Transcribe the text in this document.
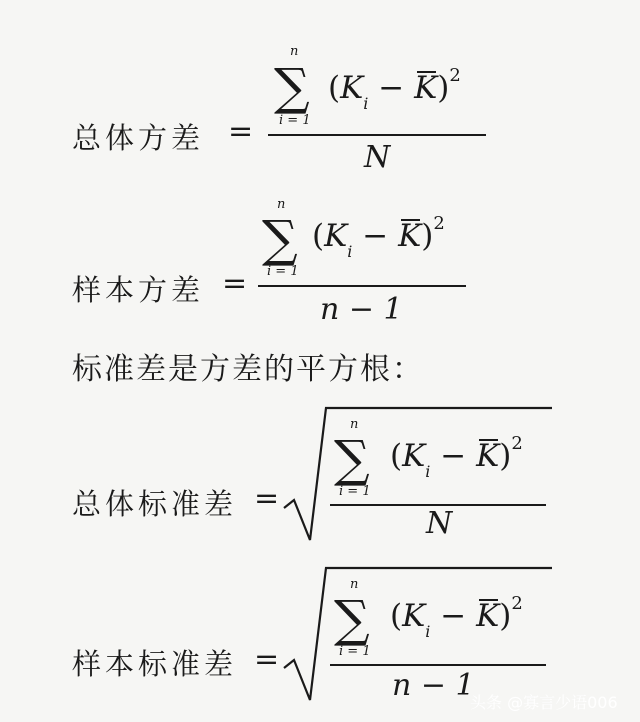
总体方差 =
n
∑
i = 1
$(K_i - K)^2$
N
样本方差 =
n
∑
i = 1
$(K_i - K)^2$
n − 1
标准差是方差的平方根：
总体标准差 =
n
∑
i = 1
$(K_i - K)^2$
N
样本标准差 =
n
∑
i = 1
$(K_i - K)^2$
n − 1
头条 @寡言少语006
